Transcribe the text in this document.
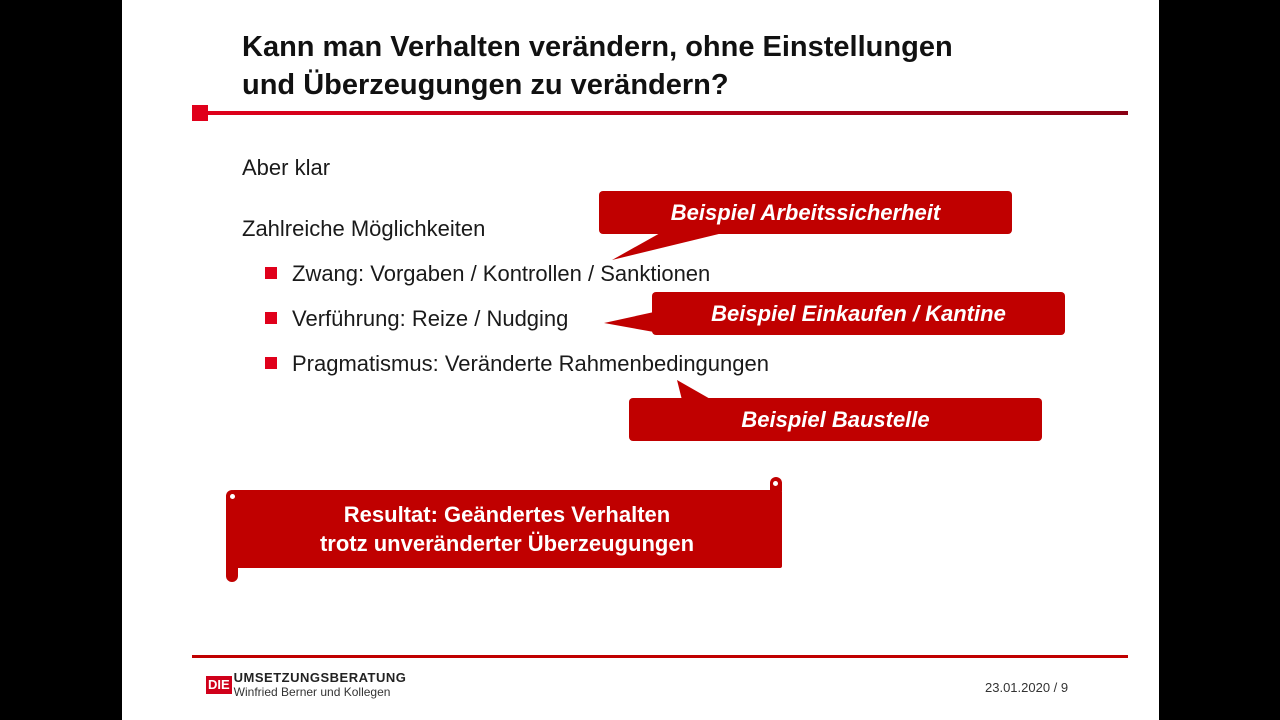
Kann man Verhalten verändern, ohne Einstellungen
und Überzeugungen zu verändern?
Aber klar
Zahlreiche Möglichkeiten
Zwang: Vorgaben / Kontrollen / Sanktionen
Verführung: Reize / Nudging
Pragmatismus: Veränderte Rahmenbedingungen
Beispiel Arbeitssicherheit
Beispiel Einkaufen / Kantine
Beispiel Baustelle
Resultat: Geändertes Verhalten
trotz unveränderter Überzeugungen
DIE UMSETZUNGSBERATUNG
Winfried Berner und Kollegen	23.01.2020 / 9
